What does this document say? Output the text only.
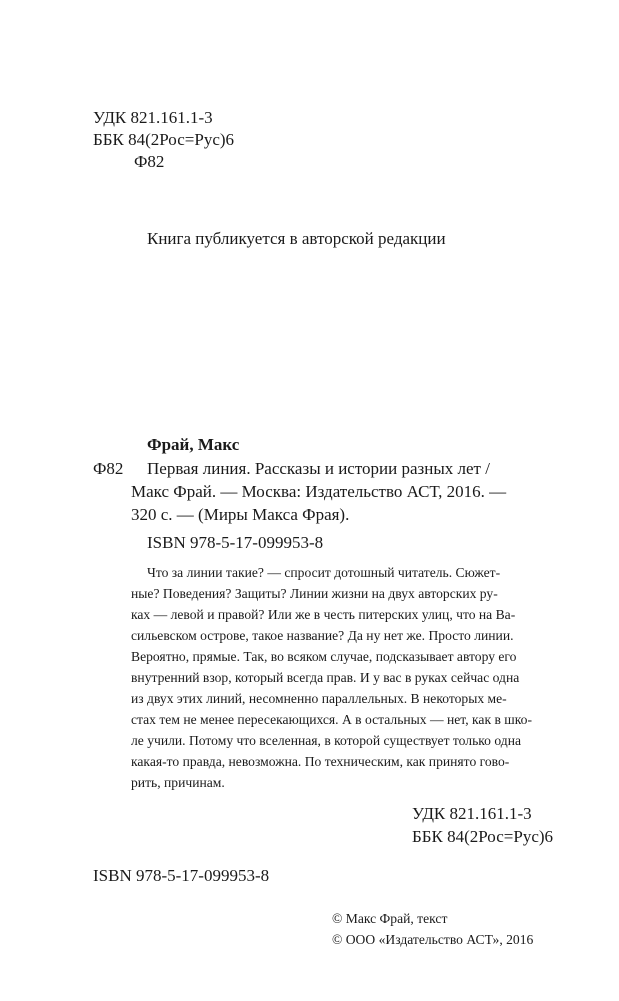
УДК 821.161.1-3
ББК 84(2Рос=Рус)6
Ф82
Книга публикуется в авторской редакции
Фрай, Макс
Ф82 Первая линия. Рассказы и истории разных лет /
Макс Фрай. — Москва: Издательство АСТ, 2016. —
320 с. — (Миры Макса Фрая).
ISBN 978-5-17-099953-8
Что за линии такие? — спросит дотошный читатель. Сюжет-
ные? Поведения? Защиты? Линии жизни на двух авторских ру-
ках — левой и правой? Или же в честь питерских улиц, что на Ва-
сильевском острове, такое название? Да ну нет же. Просто линии.
Вероятно, прямые. Так, во всяком случае, подсказывает автору его
внутренний взор, который всегда прав. И у вас в руках сейчас одна
из двух этих линий, несомненно параллельных. В некоторых ме-
стах тем не менее пересекающихся. А в остальных — нет, как в шко-
ле учили. Потому что вселенная, в которой существует только одна
какая-то правда, невозможна. По техническим, как принято гово-
рить, причинам.
УДК 821.161.1-3
ББК 84(2Рос=Рус)6
ISBN 978-5-17-099953-8
© Макс Фрай, текст
© ООО «Издательство АСТ», 2016
